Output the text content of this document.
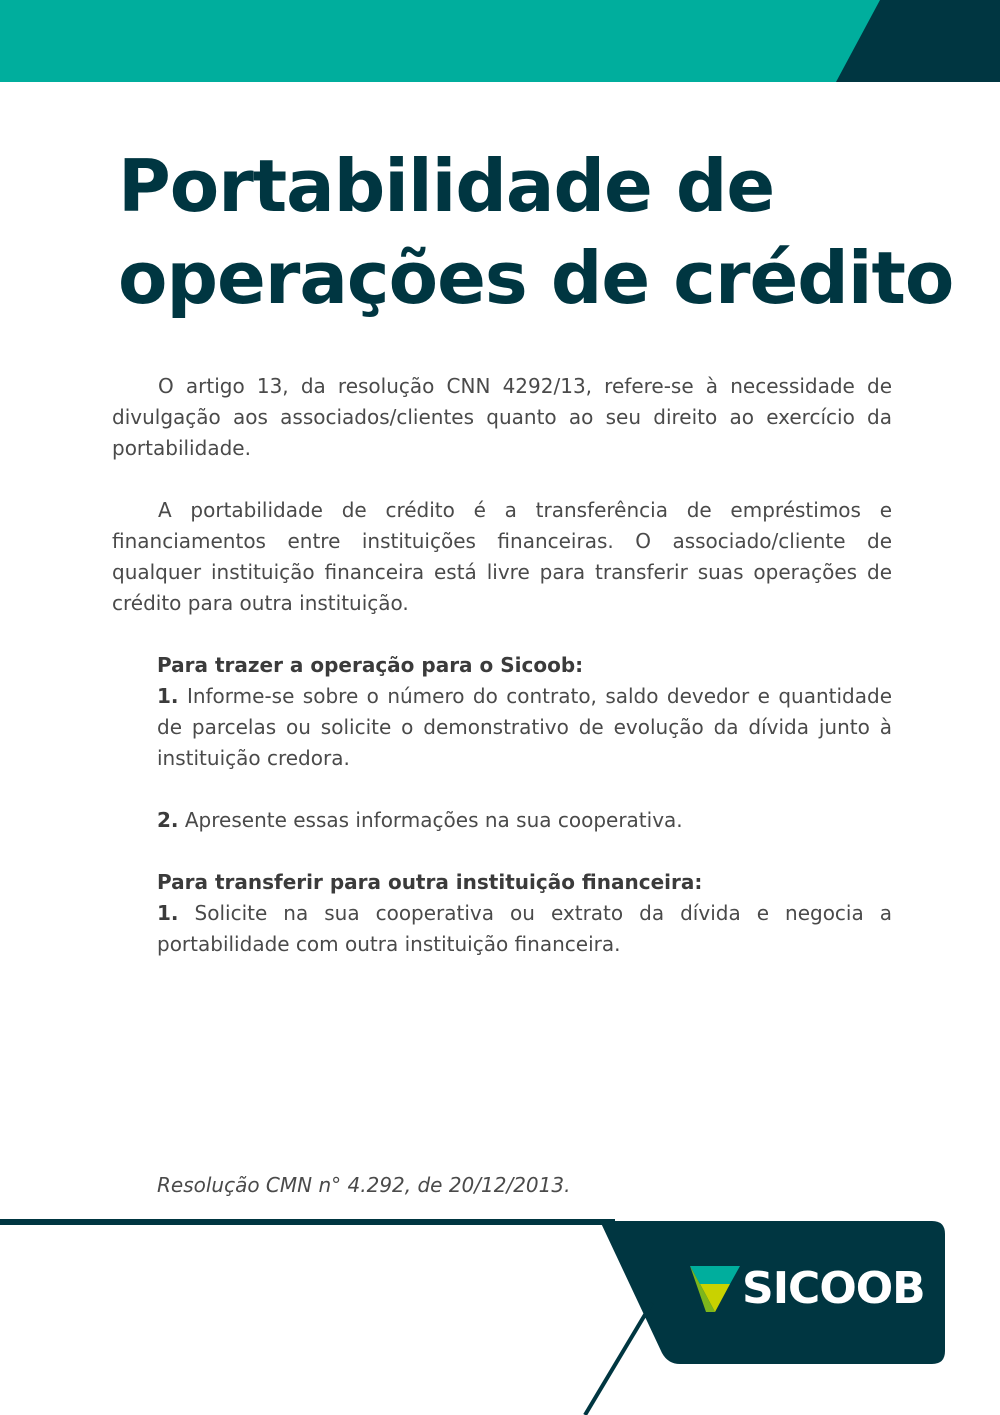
Portabilidade de
operações de crédito

O artigo 13, da resolução CNN 4292/13, refere-se à necessidade de divulgação aos associados/clientes quanto ao seu direito ao exercício da portabilidade.

A portabilidade de crédito é a transferência de empréstimos e financiamentos entre instituições financeiras. O associado/cliente de qualquer instituição financeira está livre para transferir suas operações de crédito para outra instituição.

Para trazer a operação para o Sicoob:

1. Informe-se sobre o número do contrato, saldo devedor e quantidade de parcelas ou solicite o demonstrativo de evolução da dívida junto à instituição credora.

2. Apresente essas informações na sua cooperativa.

Para transferir para outra instituição financeira:

1. Solicite na sua cooperativa ou extrato da dívida e negocia a portabilidade com outra instituição financeira.

Resolução CMN n° 4.292, de 20/12/2013.

SICOOB
